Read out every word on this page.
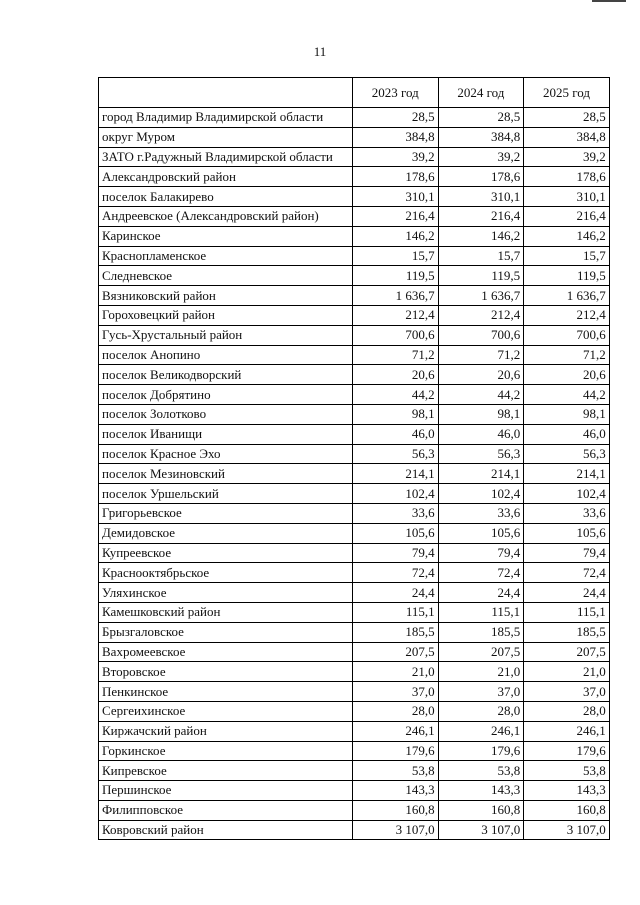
11
	2023 год	2024 год	2025 год
город Владимир Владимирской области	28,5	28,5	28,5
округ Муром	384,8	384,8	384,8
ЗАТО г.Радужный Владимирской области	39,2	39,2	39,2
Александровский район	178,6	178,6	178,6
поселок Балакирево	310,1	310,1	310,1
Андреевское (Александровский район)	216,4	216,4	216,4
Каринское	146,2	146,2	146,2
Краснопламенское	15,7	15,7	15,7
Следневское	119,5	119,5	119,5
Вязниковский район	1 636,7	1 636,7	1 636,7
Гороховецкий район	212,4	212,4	212,4
Гусь-Хрустальный район	700,6	700,6	700,6
поселок Анопино	71,2	71,2	71,2
поселок Великодворский	20,6	20,6	20,6
поселок Добрятино	44,2	44,2	44,2
поселок Золотково	98,1	98,1	98,1
поселок Иванищи	46,0	46,0	46,0
поселок Красное Эхо	56,3	56,3	56,3
поселок Мезиновский	214,1	214,1	214,1
поселок Уршельский	102,4	102,4	102,4
Григорьевское	33,6	33,6	33,6
Демидовское	105,6	105,6	105,6
Купреевское	79,4	79,4	79,4
Краснооктябрьское	72,4	72,4	72,4
Уляхинское	24,4	24,4	24,4
Камешковский район	115,1	115,1	115,1
Брызгаловское	185,5	185,5	185,5
Вахромеевское	207,5	207,5	207,5
Второвское	21,0	21,0	21,0
Пенкинское	37,0	37,0	37,0
Сергеихинское	28,0	28,0	28,0
Киржачский район	246,1	246,1	246,1
Горкинское	179,6	179,6	179,6
Кипревское	53,8	53,8	53,8
Першинское	143,3	143,3	143,3
Филипповское	160,8	160,8	160,8
Ковровский район	3 107,0	3 107,0	3 107,0
